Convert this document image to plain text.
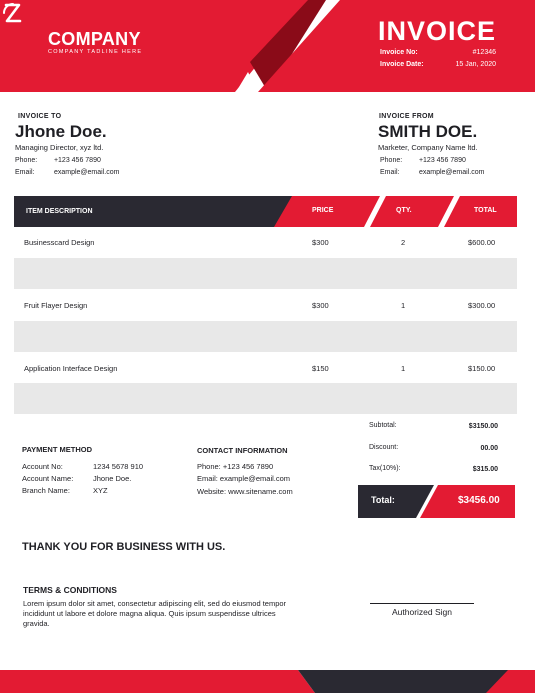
COMPANY
COMPANY TADLINE HERE
INVOICE
Invoice No:	#12346
Invoice Date:	15 Jan, 2020
INVOICE TO
Jhone Doe.
Managing Director, xyz ltd.
Phone: +123 456 7890
Email:	example@email.com
INVOICE FROM
SMITH DOE.
Marketer, Company Name ltd.
Phone: +123 456 7890
Email:	example@email.com
ITEM DESCRIPTION	PRICE	QTY.	TOTAL
Businesscard Design	$300	2	$600.00
Fruit Flayer Design	$300	1	$300.00
Application Interface Design	$150	1	$150.00
PAYMENT METHOD
Account No:	1234 5678 910
Account Name:	Jhone Doe.
Branch Name:	XYZ
CONTACT INFORMATION
Phone: +123 456 7890
Email: example@email.com
Website: www.sitename.com
Subtotal:	$3150.00
Discount:	00.00
Tax(10%):	$315.00
Total:	$3456.00
THANK YOU FOR BUSINESS WITH US.
TERMS & CONDITIONS
Lorem ipsum dolor sit amet, consectetur adipiscing elit, sed do eiusmod tempor incididunt ut labore et dolore magna aliqua. Quis ipsum suspendisse ultrices gravida.
Authorized Sign
